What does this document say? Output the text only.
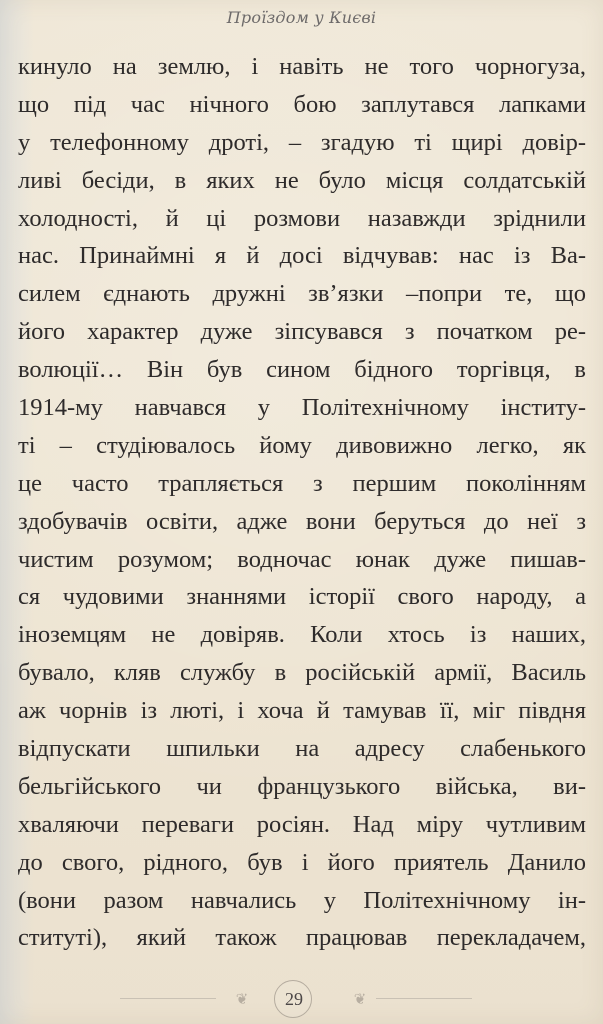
Проїздом у Києві
кинуло на землю, і навіть не того чорногуза,
що під час нічного бою заплутався лапками
у телефонному дроті, – згадую ті щирі довір-
ливі бесіди, в яких не було місця солдатській
холодності, й ці розмови назавжди зріднили
нас. Принаймні я й досі відчував: нас із Ва-
силем єднають дружні зв’язки –попри те, що
його характер дуже зіпсувався з початком ре-
волюції… Він був сином бідного торгівця, в
1914-му навчався у Політехнічному інститу-
ті – студіювалось йому дивовижно легко, як
це часто трапляється з першим поколінням
здобувачів освіти, адже вони беруться до неї з
чистим розумом; водночас юнак дуже пишав-
ся чудовими знаннями історії свого народу, а
іноземцям не довіряв. Коли хтось із наших,
бувало, кляв службу в російській армії, Василь
аж чорнів із люті, і хоча й тамував її, міг півдня
відпускати шпильки на адресу слабенького
бельгійського чи французького війська, ви-
хваляючи переваги росіян. Над міру чутливим
до свого, рідного, був і його приятель Данило
(вони разом навчались у Політехнічному ін-
ституті), який також працював перекладачем,
❦	29	❦
